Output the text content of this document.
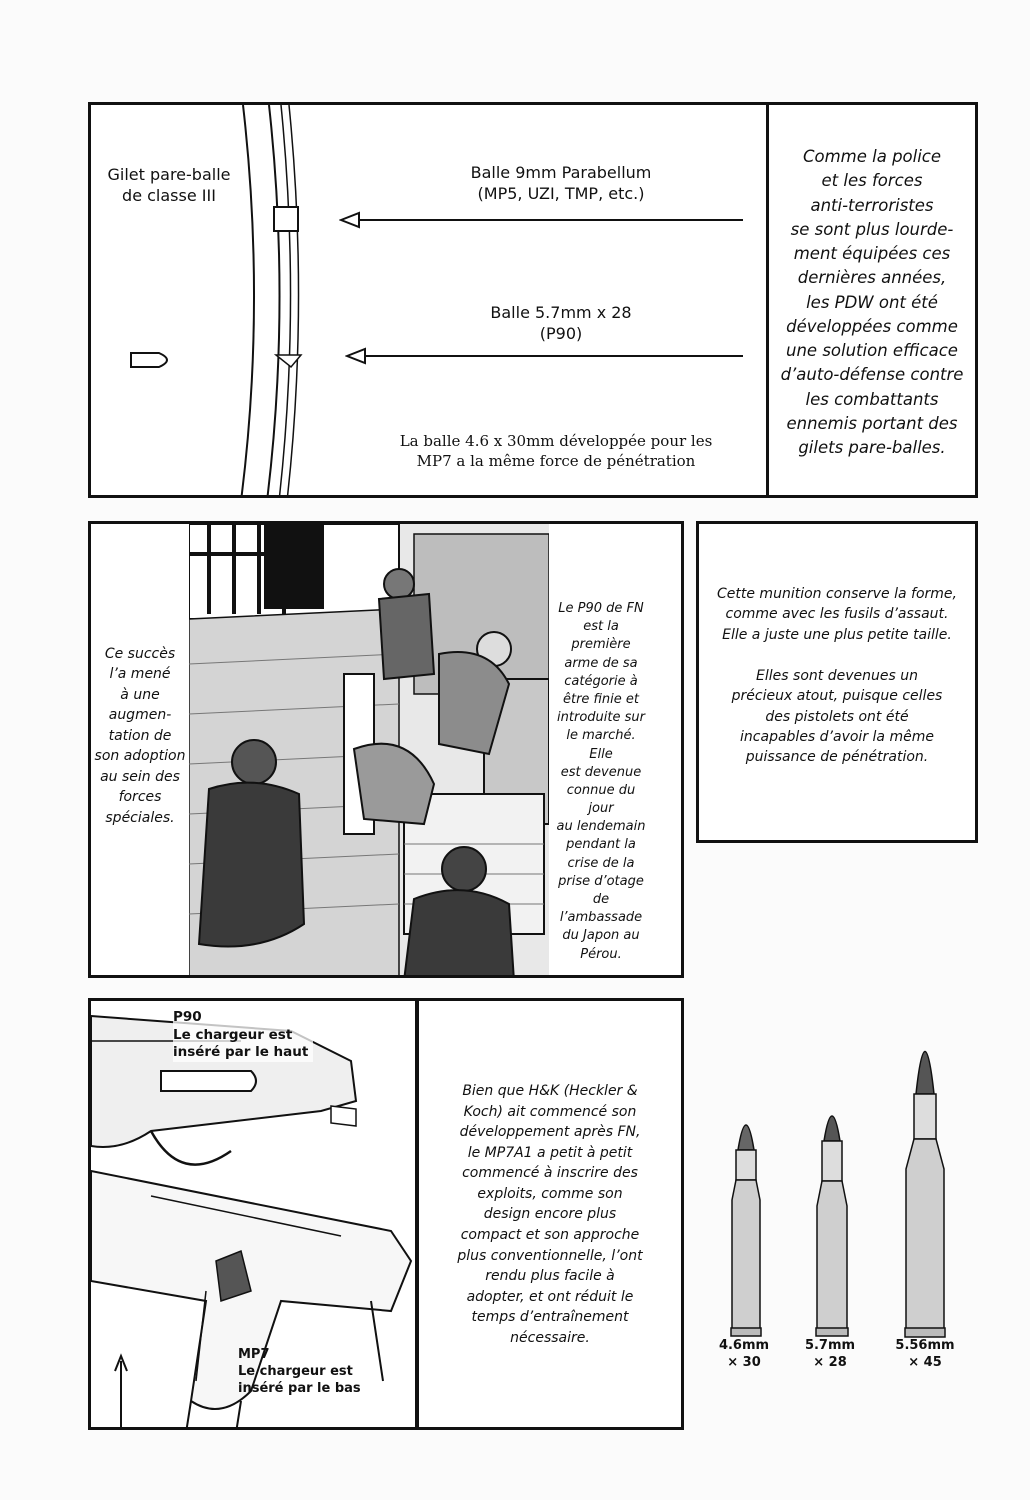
Gilet pare-balle
de classe III
Balle 9mm Parabellum
(MP5, UZI, TMP, etc.)
Balle 5.7mm x 28
(P90)
La balle 4.6 x 30mm développée pour les
MP7 a la même force de pénétration
Comme la police
et les forces
anti-terroristes
se sont plus lourde-
ment équipées ces
dernières années,
les PDW ont été
développées comme
une solution efficace
d’auto-défense contre
les combattants
ennemis portant des
gilets pare-balles.
Ce succès
l’a mené
à une
augmen-
tation de
son adoption
au sein des
forces
spéciales.
Le P90 de FN
est la première
arme de sa
catégorie à
être finie et
introduite sur
le marché. Elle
est devenue
connue du jour
au lendemain
pendant la
crise de la
prise d’otage
de l’ambassade
du Japon au
Pérou.
Cette munition conserve la forme,
comme avec les fusils d’assaut.
Elle a juste une plus petite taille.
Elles sont devenues un
précieux atout, puisque celles
des pistolets ont été
incapables d’avoir la même
puissance de pénétration.
P90
Le chargeur est
inséré par le haut
MP7
Le chargeur est
inséré par le bas
Bien que H&K (Heckler &
Koch) ait commencé son
développement après FN,
le MP7A1 a petit à petit
commencé à inscrire des
exploits, comme son
design encore plus
compact et son approche
plus conventionnelle, l’ont
rendu plus facile à
adopter, et ont réduit le
temps d’entraînement
nécessaire.	4.6mm
× 30
5.7mm
× 28
5.56mm
× 45
